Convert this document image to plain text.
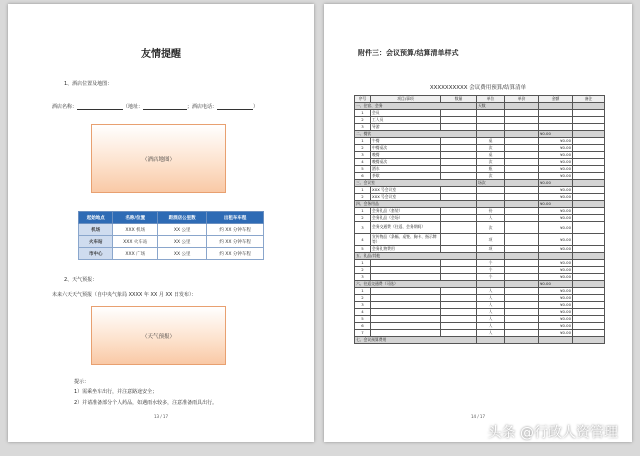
友情提醒
1、酒店位置及地图：
酒店名称：	（地址：	；酒店电话：	）
（酒店地图）
起始地点	名称/位置	距酒店公里数	出租车车程
机场	XXX 机场	XX 公里	约 XX 分钟车程
火车站	XXX 火车站	XX 公里	约 XX 分钟车程
市中心	XXX 广场	XX 公里	约 XX 分钟车程
2、天气预报：
未来六天天气预报（自中央气象局 XXXX 年 XX 月 XX 日发布）：
（天气预报）
提示：
1）需乘坐车出行，并注意路途安全；
2）并请准备部分个人药品，如遇雨水较多，注意准备雨具出行。
13 / 17
附件三：会议预算/结算清单样式
XXXXXXXXXX 会议费用预算/结算清单
序号	项目/事项	数量	单位	单价	金额	备注
一、住宿、会务			天数			
1	会员					
2	工人员					
3	导游					
二、餐饮					¥0.00	
1	午餐		桌		¥0.00	
2	中餐桌次		次		¥0.00	
3	晚餐		桌		¥0.00	
4	晚餐桌次		次		¥0.00	
5	酒水		瓶		¥0.00	
6	茶歇		次		¥0.00	
三、会议室			场次		¥0.00	
1	XXX 号会议室				¥0.00	
2	XXX 号会议室				¥0.00	
四、会务用品					¥0.00	
1	会务礼品（套装）		份		¥0.00	
2	会务礼品（会场）		人		¥0.00	
3	会务交通费（往返、会务期间）		次		¥0.00	
4	宣传物品（条幅、桌签、胸卡、指示牌等）		项		¥0.00	
5	会务礼物费用		项		¥0.00	
五、礼品/其他						
1			个		¥0.00	
2			个		¥0.00	
3			个		¥0.00	
六、往返交通费（可选）					¥0.00	
1			人		¥0.00	
2			人		¥0.00	
3			人		¥0.00	
4			人		¥0.00	
5			人		¥0.00	
6			人		¥0.00	
7			人		¥0.00	
七、会议预算费用						
14 / 17
头条 @行政人资管理
